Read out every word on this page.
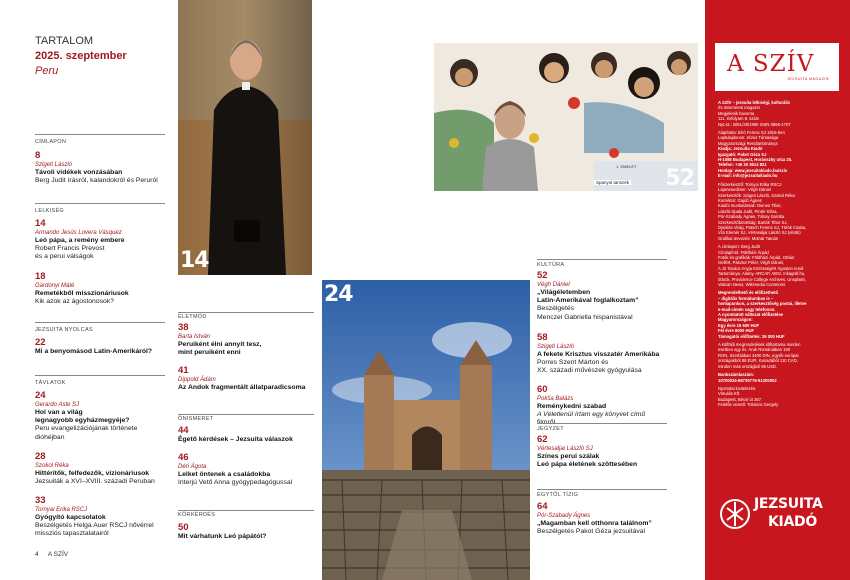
TARTALOM
2025. szeptember
Peru
CÍMLAPON
8
Szigeti László
Távoli vidékek vonzásában
Berg Judit írásról, kalandokról és Peruról
LELKISÉG
14
Armando Jesús Lovera Vásquez
Leó pápa, a remény embere
Robert Francis Prevost
és a perui válságok
18
Gárdonyi Máté
Remetékből misszionáriusok
Kik azok az ágostonosok?
JEZSUITA NYOLCAS
22
Mi a benyomásod Latin-Amerikáról?
TÁVLATOK
24
Gerardo Aste SJ
Hol van a világ
legnagyobb egyházmegyéje?
Peru evangelizációjának története
dióhéjban
28
Szokol Réka
Hittérítők, felfedezők, vizionáriusok
Jezsuiták a XVI–XVIII. századi Peruban
33
Tornyai Erika RSCJ
Gyógyító kapcsolatok
Beszélgetés Helga Auer RSCJ nővérrel
missziós tapasztalatairól
4 A SZÍV
14
1. EMELET
Spanyol tanszék 52
24
ÉLETMÓD
38
Barta István
Peruiként élni annyit tesz,
mint peruiként enni
41
Dippold Ádám
Az Andok fragmentált állatparadicsoma
ÖNISMERET
44
Égető kérdések – Jezsuita válaszok
46
Déri Ágota
Lelket öntenek a családokba
Interjú Vető Anna gyógypedagógussal
KÖRKÉRDÉS
50
Mit várhatunk Leó pápától?
KULTÚRA
52
Végh Dániel
„Világéletemben
Latin-Amerikával foglalkoztam”
Beszélgetés
Menczel Gabriella hispanistával
58
Szigeti László
A fekete Krisztus visszatér Amerikába
Porres Szent Márton és
XX. századi művészek gyógyulása
60
Pokša Balázs
Reménykedni szabad
A Véletlenül írtam egy könyvet című
filmről
JEGYZET
62
Vértesaljai László SJ
Színes perui szálak
Leó pápa életének szöttesében
EGYTŐL TÍZIG
64
Pór-Szabady Ágnes
„Magamban kell otthonra találnom”
Beszélgetés Pakot Géza jezsuitával
A SZÍV
JEZSUITA MAGAZIN
A SZÍV – jezsuita lelkiségi, kulturális
és önismereti magazin
Megjelenik havonta
111. évfolyam 9. szám
Nyt.sz.: B/EL/39/1990 ISSN 0866-1707
Alapította: Bíró Ferenc SJ 1915-ben
Laptulajdonos: Jézus Társasága
Magyarországi Rendtartománya
Kiadja: Jezsuita Kiadó
Igazgató: Pakot Géza SJ
H-1085 Budapest, Horánszky utca 20.
Telefon: +36 30 3814 821
Honlap: www.jezsuitakiado.hu/sziv
E-mail: info@jezsuitakiado.hu
Főszerkesztő: Tornyai Erika RSCJ
Lapmenedzser: Végh Dániel
Szerkesztők: Szigeti László, Szokol Réka
Korrektor: Gajdó Ágnes
Kiadói munkatársak: Dienes Tibor,
László-Spala Judit, Pintér Klára,
Pór-Szabady Ágnes, Tolnay Sarolta
Szerkesztőbizottság: Bartók Tibor SJ,
Dyekiss Virág, Patsch Ferenc SJ, Török Csaba,
Vízi Elemér SJ, Vértesaljai László SJ (elnök)
Grafikai tervezés: Molnár Tamás
A címlapon: Berg Judit
Címlapfotó: Földházi Árpád
Fotók és grafikák: Földházi Árpád, Orbán
Gellért, Pásztor Péter, Végh Dániel,
A Jó Tanács Anyja Közösségért Ágoston rendi
Tartománya, Alamy, ARCAP, ABSI, Inkagráf.hu,
iStock, Providence College Archives, Unsplash,
Vatican News, Wikimedia Commons
Megrendelhető és előfizethető
– digitális formátumban is –
honlapunkon, a szerkesztőség postai, illetve
e-mail-címén vagy telefonon.
A nyomtatott változat előfizetése
Magyarországon:
Egy évre 15 600 HUF
Fél évre 8000 HUF
Támogatói előfizetés: 25 000 HUF
A külföldi megrendelések időtartama minden
esetben egy év. Áruk Romániában 190
RON, Szerbiában 4400 DIN, egyéb európai
országokból 88 EUR, Kanadából 110 CAD,
minden más országból 95 USD.
Bankszámlaszám:
10700024-68730776-51200002
Nyomdai kivitelezés:
Virtuális Kft.
Budapest, Bécsi út 267.
Felelős vezető: Tolonics Gergely
JEZSUITA
KIADÓ
